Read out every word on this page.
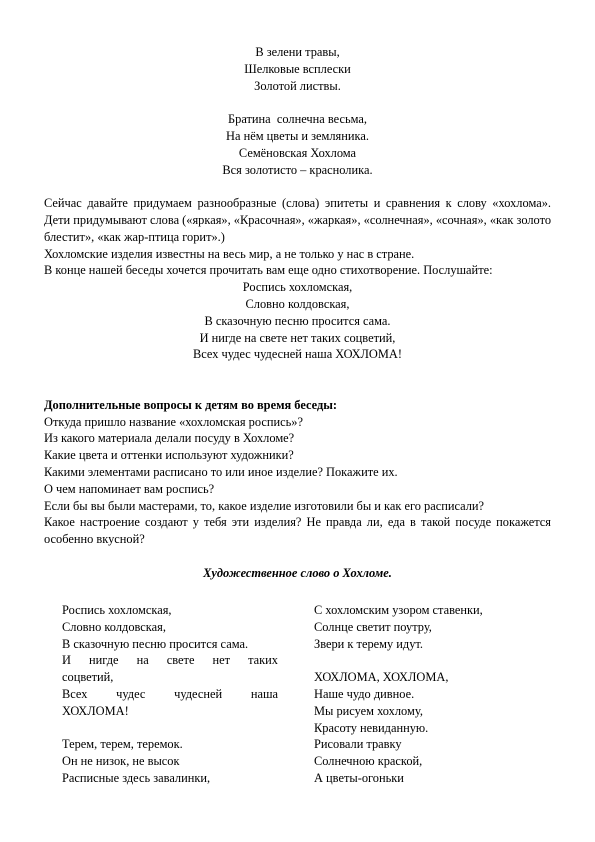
В зелени травы,
Шелковые всплески
Золотой листвы.
Братина  солнечна весьма,
На нём цветы и земляника.
Семёновская Хохлома
Вся золотисто – краснолика.

Сейчас давайте придумаем разнообразные (слова) эпитеты и сравнения к слову «хохлома». Дети придумывают слова («яркая», «Красочная», «жаркая», «солнечная», «сочная», «как золото блестит», «как жар-птица горит».)

Хохломские изделия известны на весь мир, а не только у нас в стране.

В конце нашей беседы хочется прочитать вам еще одно стихотворение. Послушайте:

Роспись хохломская,
Словно колдовская,
В сказочную песню просится сама.
И нигде на свете нет таких соцветий,
Всех чудес чудесней наша ХОХЛОМА!

Дополнительные вопросы к детям во время беседы:

Откуда пришло название «хохломская роспись»?
Из какого материала делали посуду в Хохломе?
Какие цвета и оттенки используют художники?
Какими элементами расписано то или иное изделие? Покажите их.
О чем напоминает вам роспись?
Если бы вы были мастерами, то, какое изделие изготовили бы и как его расписали?
Какое настроение создают у тебя эти изделия? Не правда ли, еда в такой посуде покажется особенно вкусной?

Художественное слово о Хохломе.

Роспись хохломская,
Словно колдовская,
В сказочную песню просится сама.
И нигде на свете нет таких
соцветий,
Всех чудес чудесней наша
ХОХЛОМА!
Терем, терем, теремок.
Он не низок, не высок
Расписные здесь завалинки,
С хохломским узором ставенки,
Солнце светит поутру,
Звери к терему идут.
ХОХЛОМА, ХОХЛОМА,
Наше чудо дивное.
Мы рисуем хохлому,
Красоту невиданную.
Рисовали травку
Солнечною краской,
А цветы-огоньки
